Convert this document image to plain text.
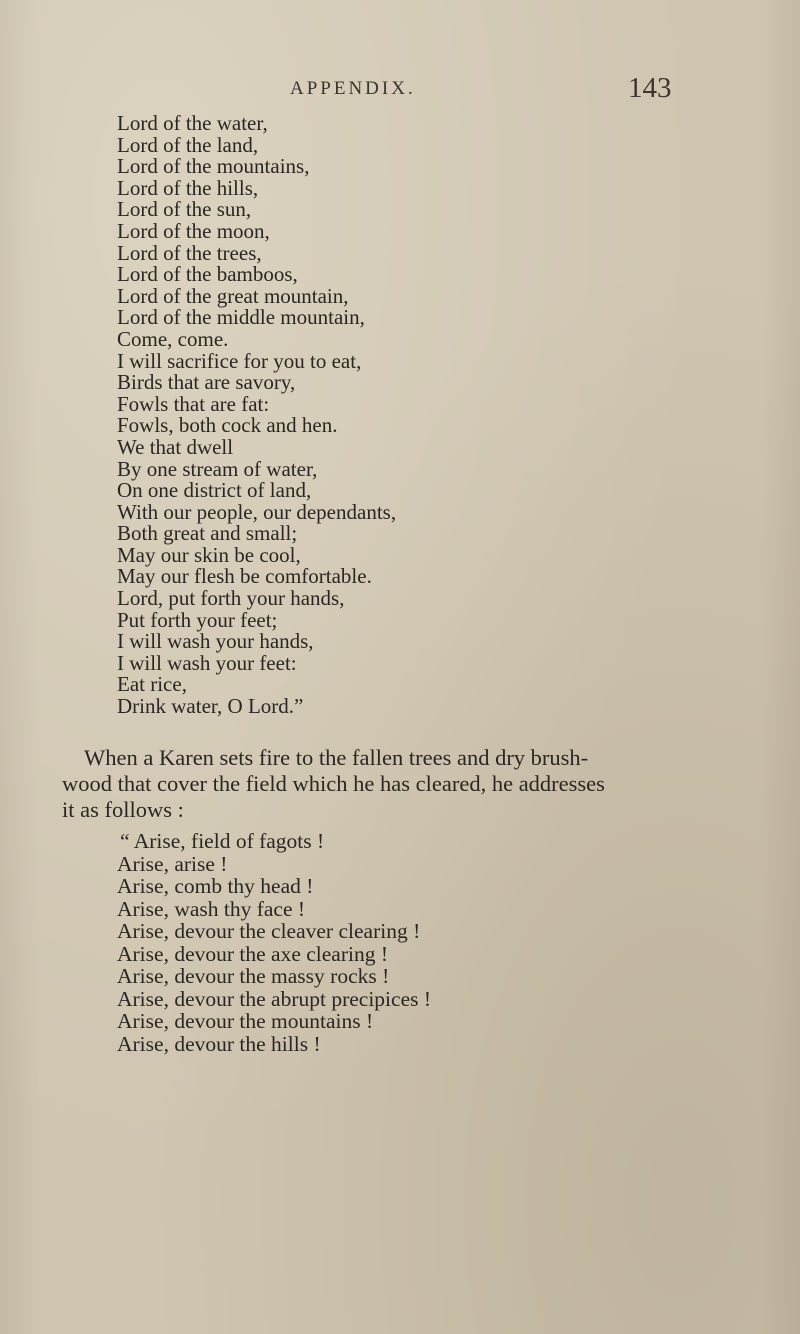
APPENDIX.	143
Lord of the water,
Lord of the land,
Lord of the mountains,
Lord of the hills,
Lord of the sun,
Lord of the moon,
Lord of the trees,
Lord of the bamboos,
Lord of the great mountain,
Lord of the middle mountain,
Come, come.
I will sacrifice for you to eat,
Birds that are savory,
Fowls that are fat:
Fowls, both cock and hen.
We that dwell
By one stream of water,
On one district of land,
With our people, our dependants,
Both great and small;
May our skin be cool,
May our flesh be comfortable.
Lord, put forth your hands,
Put forth your feet;
I will wash your hands,
I will wash your feet:
Eat rice,
Drink water, O Lord.”

When a Karen sets fire to the fallen trees and dry brush-
wood that cover the field which he has cleared, he addresses
it as follows :

“ Arise, field of fagots !
Arise, arise !
Arise, comb thy head !
Arise, wash thy face !
Arise, devour the cleaver clearing !
Arise, devour the axe clearing !
Arise, devour the massy rocks !
Arise, devour the abrupt precipices !
Arise, devour the mountains !
Arise, devour the hills !
